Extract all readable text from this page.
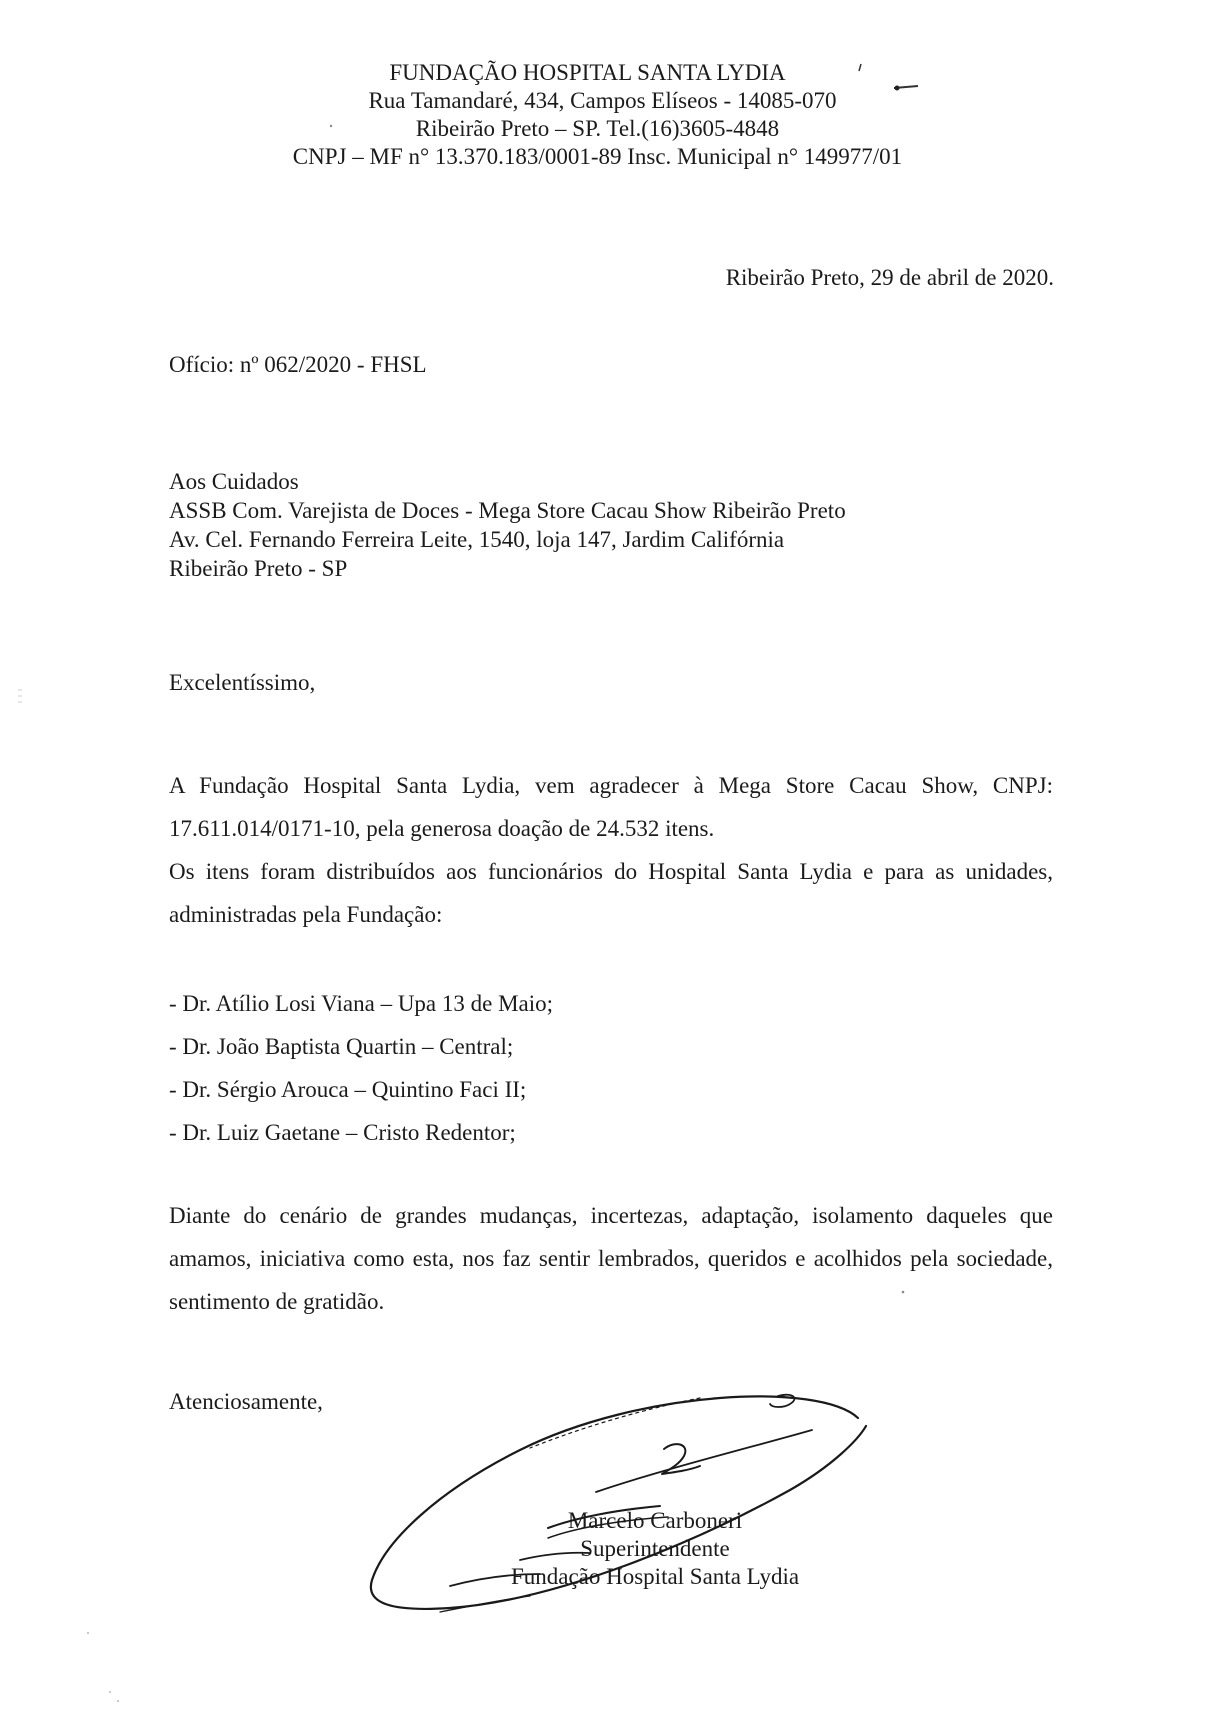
FUNDAÇÃO HOSPITAL SANTA LYDIA
Rua Tamandaré, 434, Campos Elíseos - 14085-070
Ribeirão Preto – SP. Tel.(16)3605-4848
CNPJ – MF n° 13.370.183/0001-89 Insc. Municipal n° 149977/01
Ribeirão Preto, 29 de abril de 2020.
Ofício: nº 062/2020 - FHSL
Aos Cuidados
ASSB Com. Varejista de Doces - Mega Store Cacau Show Ribeirão Preto
Av. Cel. Fernando Ferreira Leite, 1540, loja 147, Jardim Califórnia
Ribeirão Preto - SP
Excelentíssimo,
A Fundação Hospital Santa Lydia, vem agradecer à Mega Store Cacau Show, CNPJ: 17.611.014/0171-10, pela generosa doação de 24.532 itens.
Os itens foram distribuídos aos funcionários do Hospital Santa Lydia e para as unidades, administradas pela Fundação:
- Dr. Atílio Losi Viana – Upa 13 de Maio;
- Dr. João Baptista Quartin – Central;
- Dr. Sérgio Arouca – Quintino Faci II;
- Dr. Luiz Gaetane – Cristo Redentor;
Diante do cenário de grandes mudanças, incertezas, adaptação, isolamento daqueles que amamos, iniciativa como esta, nos faz sentir lembrados, queridos e acolhidos pela sociedade, sentimento de gratidão.
Atenciosamente,
Marcelo Carboneri
Superintendente
Fundação Hospital Santa Lydia
